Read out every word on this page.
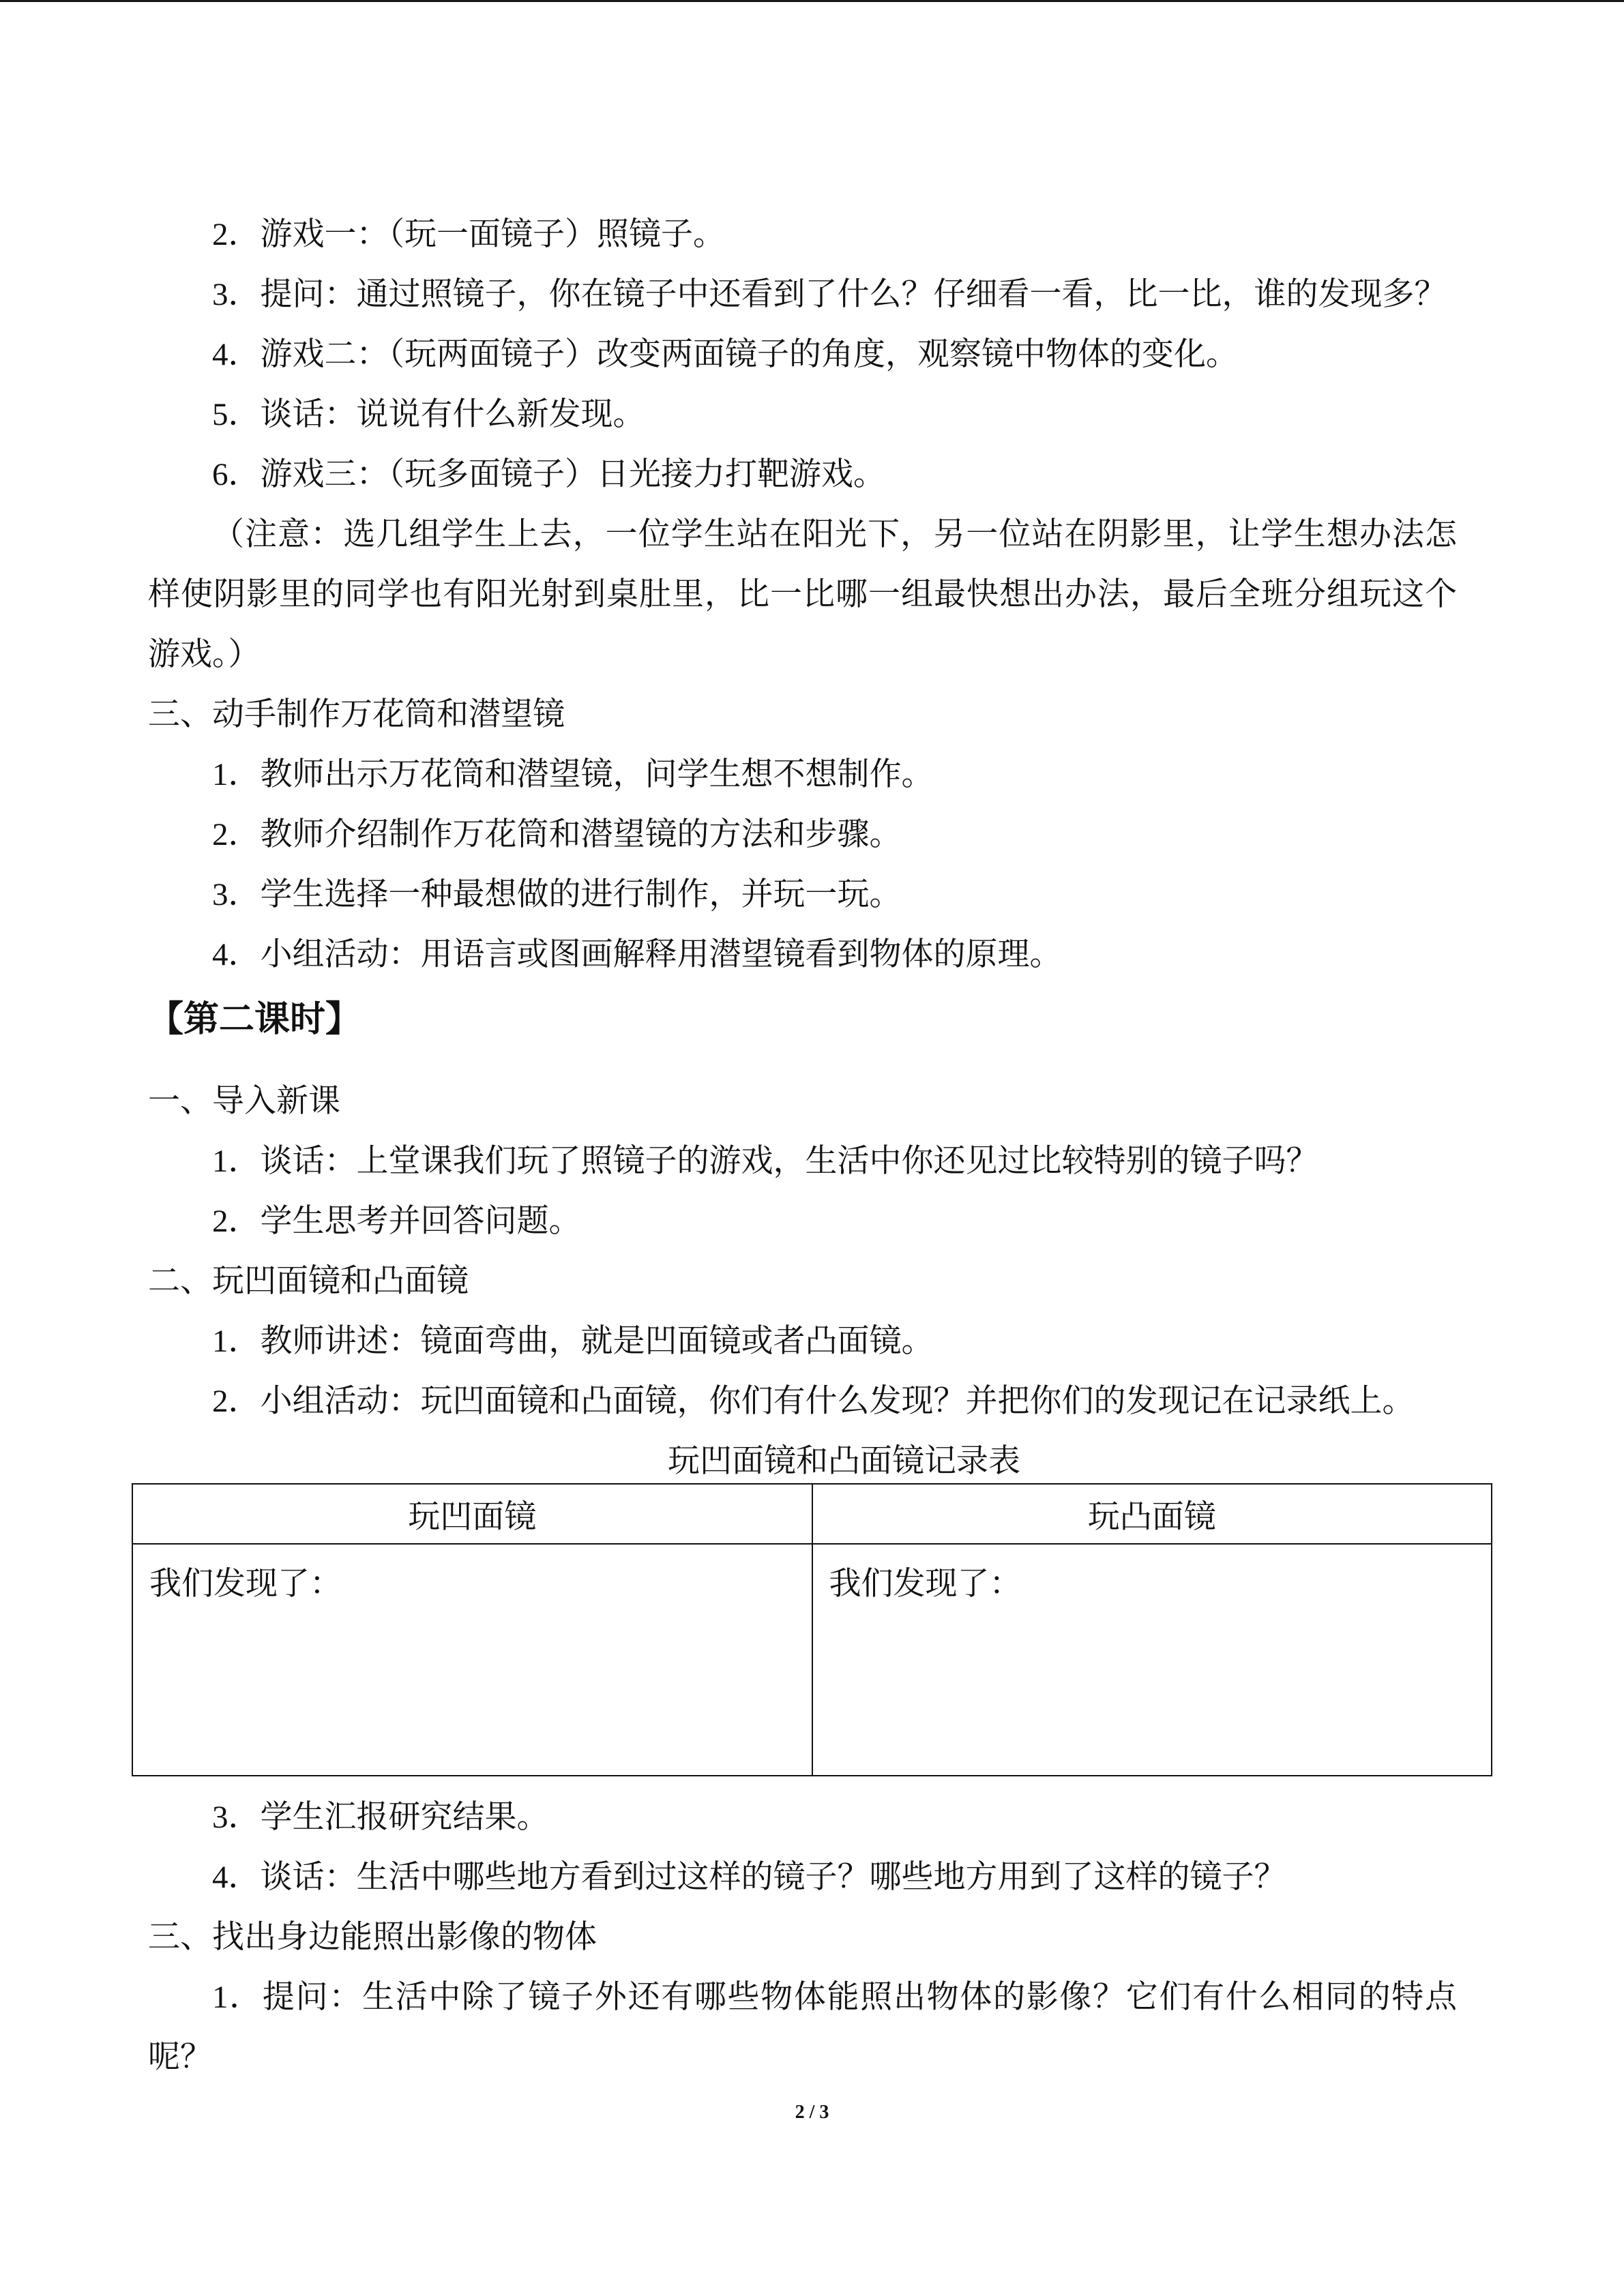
2．游戏一：（玩一面镜子）照镜子。
3．提问：通过照镜子，你在镜子中还看到了什么？仔细看一看，比一比，谁的发现多？
4．游戏二：（玩两面镜子）改变两面镜子的角度，观察镜中物体的变化。
5．谈话：说说有什么新发现。
6．游戏三：（玩多面镜子）日光接力打靶游戏。
（注意：选几组学生上去，一位学生站在阳光下，另一位站在阴影里，让学生想办法怎样使阴影里的同学也有阳光射到桌肚里，比一比哪一组最快想出办法，最后全班分组玩这个游戏。）
三、动手制作万花筒和潜望镜
1．教师出示万花筒和潜望镜，问学生想不想制作。
2．教师介绍制作万花筒和潜望镜的方法和步骤。
3．学生选择一种最想做的进行制作，并玩一玩。
4．小组活动：用语言或图画解释用潜望镜看到物体的原理。
【第二课时】
一、导入新课
1．谈话：上堂课我们玩了照镜子的游戏，生活中你还见过比较特别的镜子吗？
2．学生思考并回答问题。
二、玩凹面镜和凸面镜
1．教师讲述：镜面弯曲，就是凹面镜或者凸面镜。
2．小组活动：玩凹面镜和凸面镜，你们有什么发现？并把你们的发现记在记录纸上。
玩凹面镜和凸面镜记录表
玩凹面镜	玩凸面镜
我们发现了：	我们发现了：
3．学生汇报研究结果。
4．谈话：生活中哪些地方看到过这样的镜子？哪些地方用到了这样的镜子？
三、找出身边能照出影像的物体
1．提问：生活中除了镜子外还有哪些物体能照出物体的影像？它们有什么相同的特点呢？
2 / 3
